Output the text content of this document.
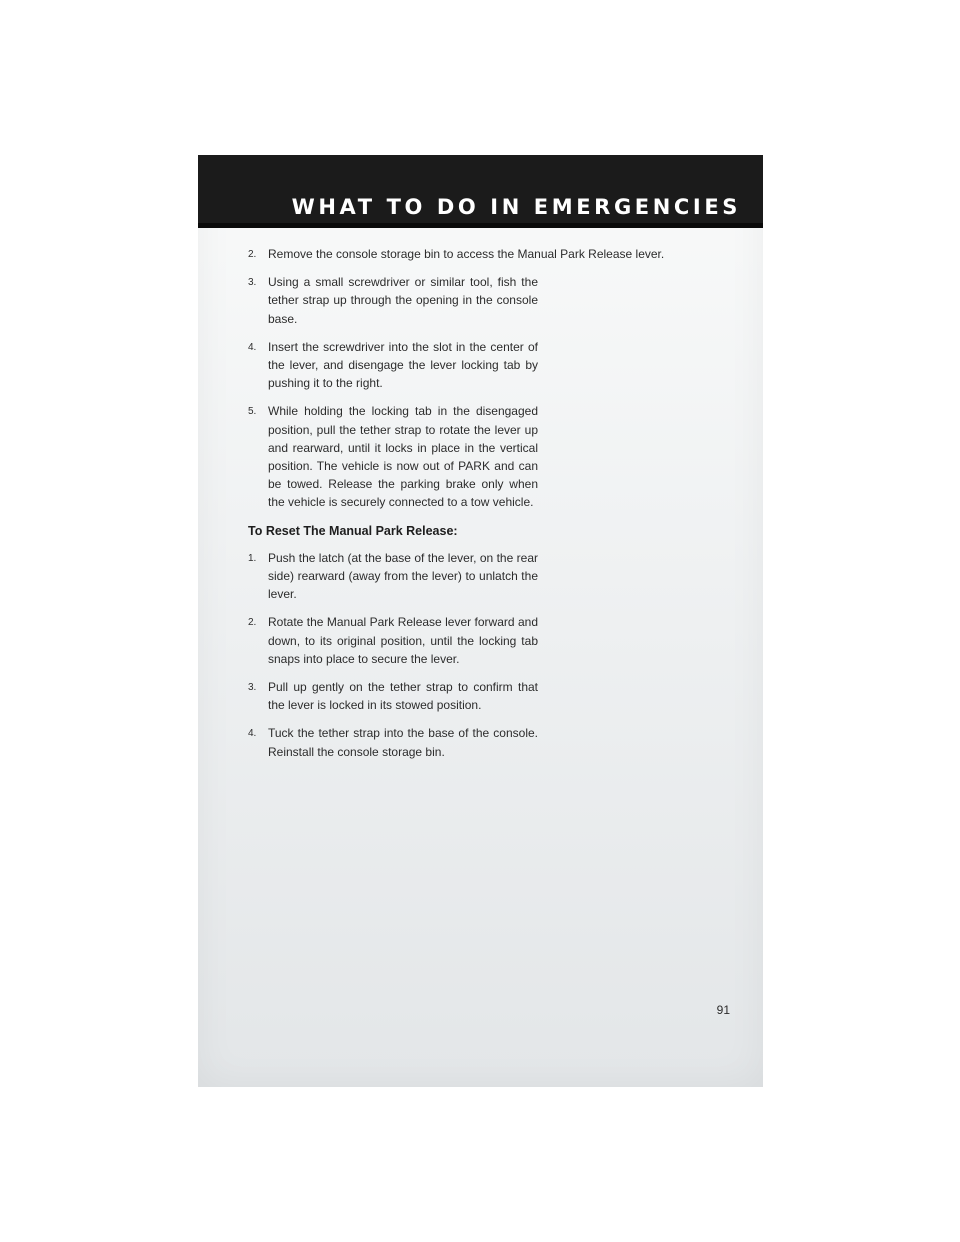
WHAT TO DO IN EMERGENCIES
2. Remove the console storage bin to access the Manual Park Release lever.
3. Using a small screwdriver or similar tool, fish the tether strap up through the opening in the console base.
4. Insert the screwdriver into the slot in the center of the lever, and disengage the lever locking tab by pushing it to the right.
5. While holding the locking tab in the disengaged position, pull the tether strap to rotate the lever up and rearward, until it locks in place in the vertical position. The vehicle is now out of PARK and can be towed. Release the parking brake only when the vehicle is securely connected to a tow vehicle.
To Reset The Manual Park Release:
1. Push the latch (at the base of the lever, on the rear side) rearward (away from the lever) to unlatch the lever.
2. Rotate the Manual Park Release lever forward and down, to its original position, until the locking tab snaps into place to secure the lever.
3. Pull up gently on the tether strap to confirm that the lever is locked in its stowed position.
4. Tuck the tether strap into the base of the console. Reinstall the console storage bin.
91
